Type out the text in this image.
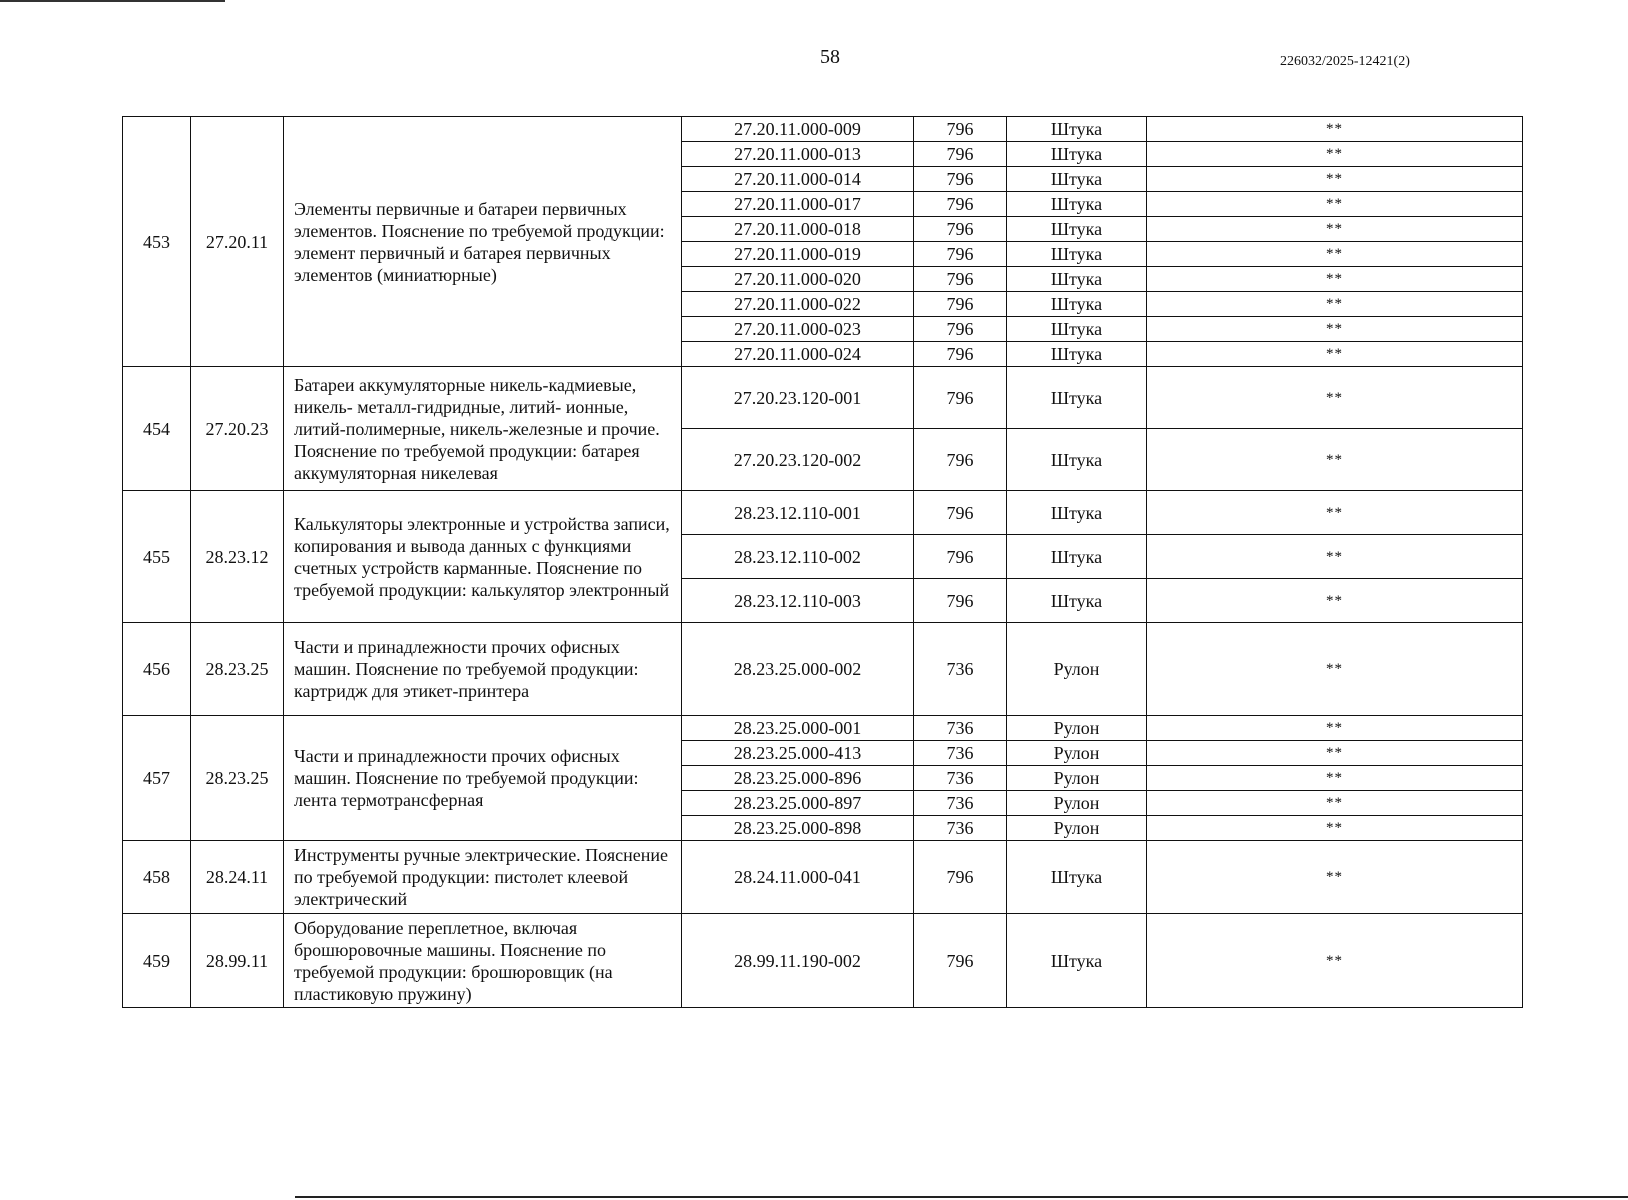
58	226032/2025-12421(2)
453	27.20.11	Элементы первичные и батареи первичных элементов. Пояснение по требуемой продукции: элемент первичный и батарея первичных элементов (миниатюрные)	27.20.11.000-009	796	Штука	**
			27.20.11.000-013	796	Штука	**
			27.20.11.000-014	796	Штука	**
			27.20.11.000-017	796	Штука	**
			27.20.11.000-018	796	Штука	**
			27.20.11.000-019	796	Штука	**
			27.20.11.000-020	796	Штука	**
			27.20.11.000-022	796	Штука	**
			27.20.11.000-023	796	Штука	**
			27.20.11.000-024	796	Штука	**
454	27.20.23	Батареи аккумуляторные никель-кадмиевые, никель- металл-гидридные, литий- ионные, литий-полимерные, никель-железные и прочие. Пояснение по требуемой продукции: батарея аккумуляторная никелевая	27.20.23.120-001	796	Штука	**
			27.20.23.120-002	796	Штука	**
455	28.23.12	Калькуляторы электронные и устройства записи, копирования и вывода данных с функциями счетных устройств карманные. Пояснение по требуемой продукции: калькулятор электронный	28.23.12.110-001	796	Штука	**
			28.23.12.110-002	796	Штука	**
			28.23.12.110-003	796	Штука	**
456	28.23.25	Части и принадлежности прочих офисных машин. Пояснение по требуемой продукции: картридж для этикет-принтера	28.23.25.000-002	736	Рулон	**
457	28.23.25	Части и принадлежности прочих офисных машин. Пояснение по требуемой продукции: лента термотрансферная	28.23.25.000-001	736	Рулон	**
			28.23.25.000-413	736	Рулон	**
			28.23.25.000-896	736	Рулон	**
			28.23.25.000-897	736	Рулон	**
			28.23.25.000-898	736	Рулон	**
458	28.24.11	Инструменты ручные электрические. Пояснение по требуемой продукции: пистолет клеевой электрический	28.24.11.000-041	796	Штука	**
459	28.99.11	Оборудование переплетное, включая брошюровочные машины. Пояснение по требуемой продукции: брошюровщик (на пластиковую пружину)	28.99.11.190-002	796	Штука	**
